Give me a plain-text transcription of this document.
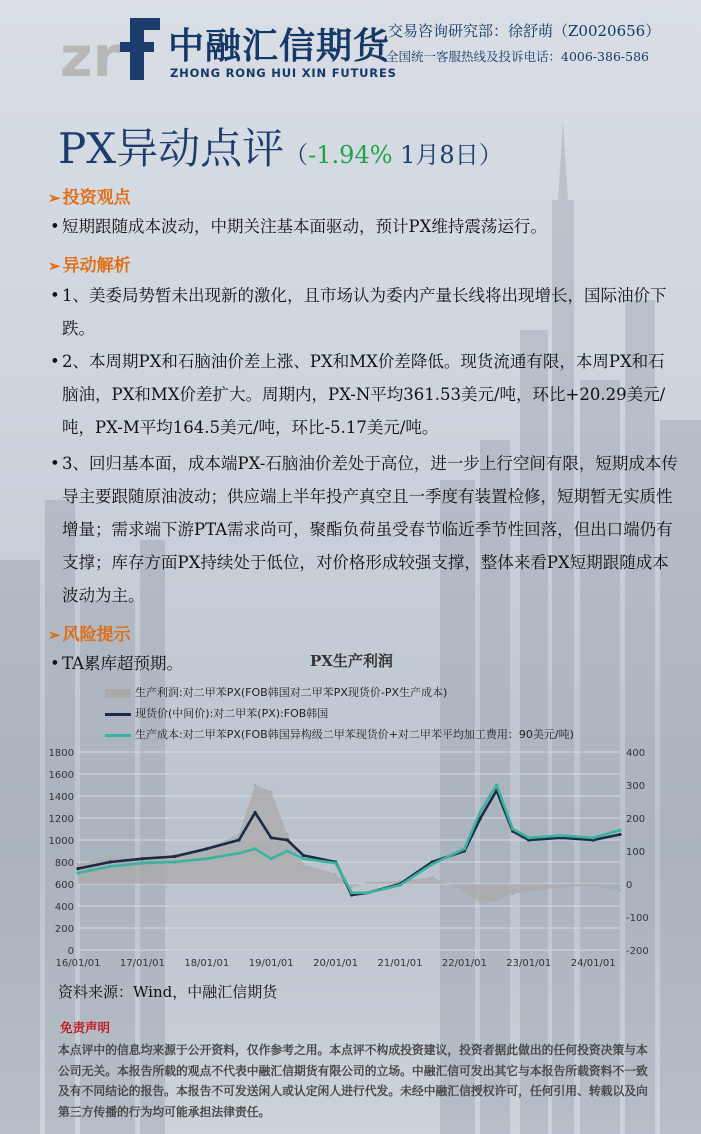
zr 中融汇信期货
ZHONG RONG HUI XIN FUTURES
交易咨询研究部：徐舒萌（Z0020656）
全国统一客服热线及投诉电话：4006-386-586
PX异动点评（-1.94% 1月8日）
➢ 投资观点
• 短期跟随成本波动，中期关注基本面驱动，预计PX维持震荡运行。
➢ 异动解析
• 1、美委局势暂未出现新的激化，且市场认为委内产量长线将出现增长，国际油价下跌。
• 2、本周期PX和石脑油价差上涨、PX和MX价差降低。现货流通有限，本周PX和石脑油，PX和MX价差扩大。周期内，PX-N平均361.53美元/吨，环比+20.29美元/吨，PX-M平均164.5美元/吨，环比-5.17美元/吨。
• 3、回归基本面，成本端PX-石脑油价差处于高位，进一步上行空间有限，短期成本传导主要跟随原油波动；供应端上半年投产真空且一季度有装置检修，短期暂无实质性增量；需求端下游PTA需求尚可，聚酯负荷虽受春节临近季节性回落，但出口端仍有支撑；库存方面PX持续处于低位，对价格形成较强支撑，整体来看PX短期跟随成本波动为主。
➢ 风险提示
• TA累库超预期。	PX生产利润
生产利润:对二甲苯PX(FOB韩国对二甲苯PX现货价-PX生产成本)
现货价(中间价):对二甲苯(PX):FOB韩国
生产成本:对二甲苯PX(FOB韩国异构级二甲苯现货价+对二甲苯平均加工费用：90美元/吨)
0
200
400
600
800
1000
1200
1400
1600
1800
-200
-100
0
100
200
300
400
16/01/01 17/01/01 18/01/01 19/01/01 20/01/01 21/01/01 22/01/01 23/01/01 24/01/01
资料来源：Wind，中融汇信期货
免责声明
本点评中的信息均来源于公开资料，仅作参考之用。本点评不构成投资建议，投资者据此做出的任何投资决策与本公司无关。本报告所载的观点不代表中融汇信期货有限公司的立场。中融汇信可发出其它与本报告所载资料不一致及有不同结论的报告。本报告不可发送闲人或认定闲人进行代发。未经中融汇信授权许可，任何引用、转载以及向第三方传播的行为均可能承担法律责任。
